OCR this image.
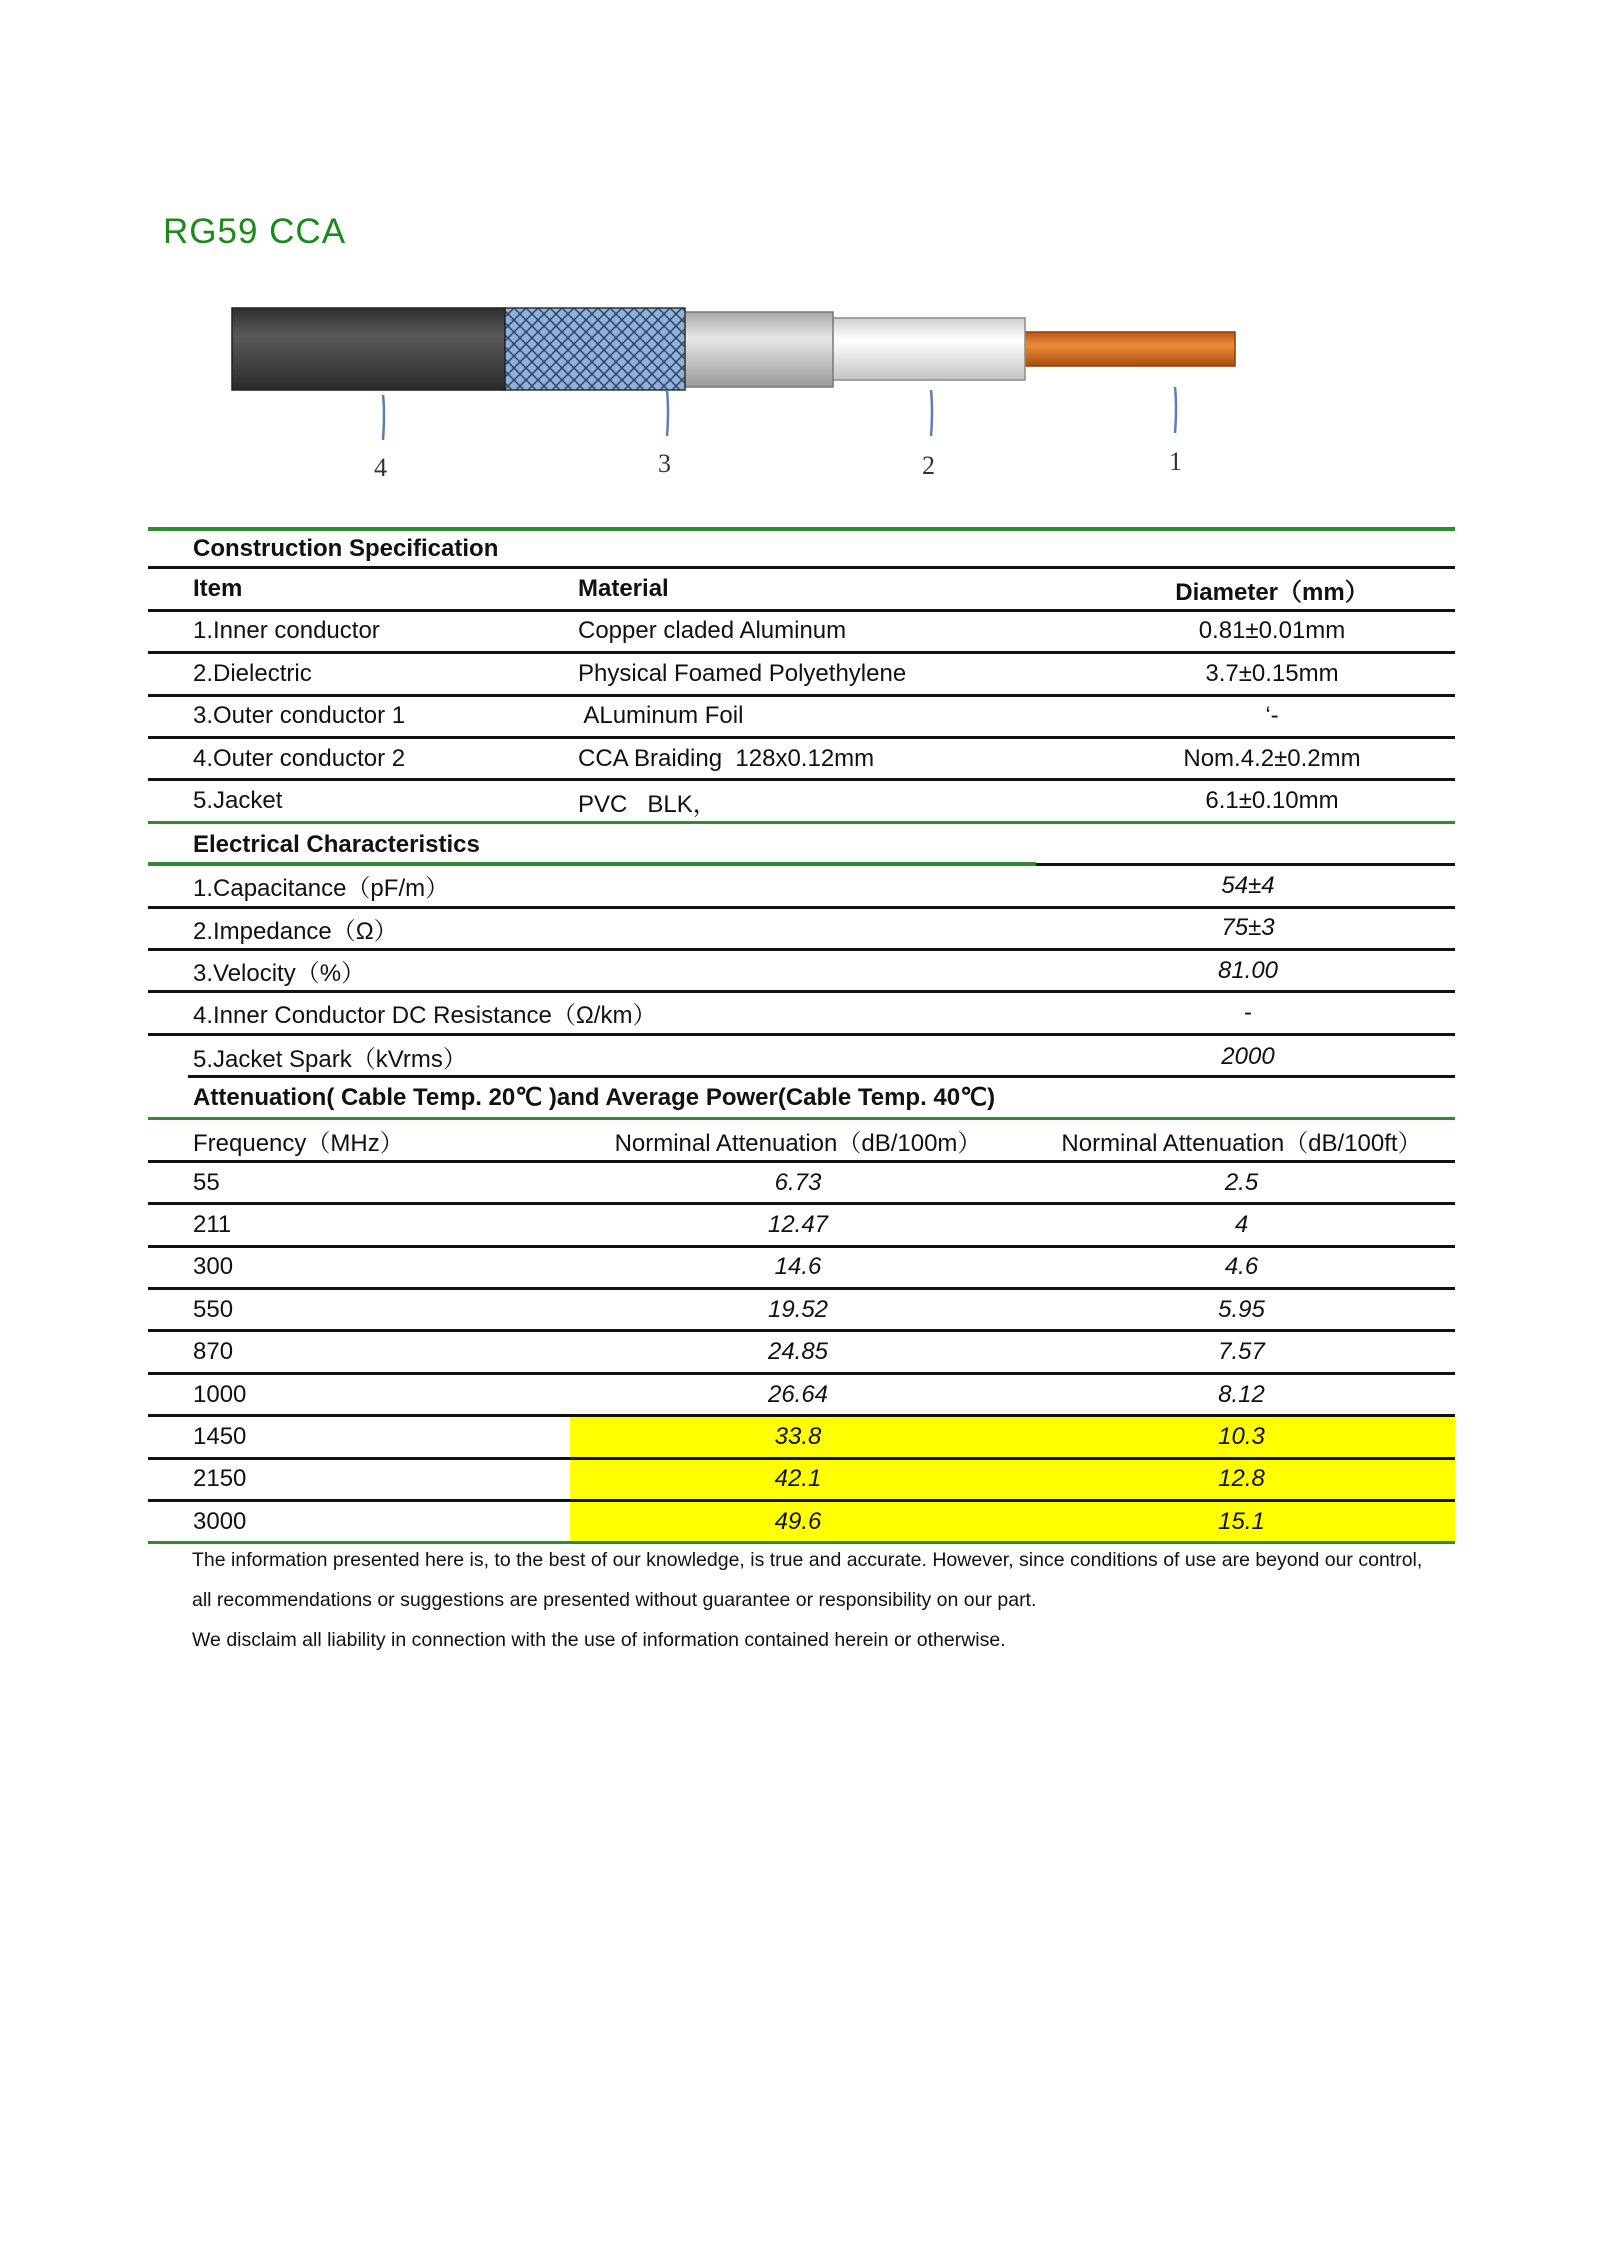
RG59 CCA
4	3	2	1
Construction Specification
Item	Material	Diameter（mm）
1.Inner conductor	Copper claded Aluminum	0.81±0.01mm
2.Dielectric	Physical Foamed Polyethylene	3.7±0.15mm
3.Outer conductor 1	ALuminum Foil	‘-
4.Outer conductor 2	CCA Braiding  128x0.12mm	Nom.4.2±0.2mm
5.Jacket	PVC   BLK，	6.1±0.10mm
Electrical Characteristics
1.Capacitance（pF/m）	54±4
2.Impedance（Ω）	75±3
3.Velocity（%）	81.00
4.Inner Conductor DC Resistance（Ω/km）	-
5.Jacket Spark（kVrms）	2000
Attenuation( Cable Temp. 20℃ )and Average Power(Cable Temp. 40℃)
Frequency（MHz）	Norminal Attenuation（dB/100m）	Norminal Attenuation（dB/100ft）
55	6.73	2.5
211	12.47	4
300	14.6	4.6
550	19.52	5.95
870	24.85	7.57
1000	26.64	8.12
1450	33.8	10.3
2150	42.1	12.8
3000	49.6	15.1

The information presented here is, to the best of our knowledge, is true and accurate. However, since conditions of use are beyond our control,

all recommendations or suggestions are presented without guarantee or responsibility on our part.

We disclaim all liability in connection with the use of information contained herein or otherwise.
